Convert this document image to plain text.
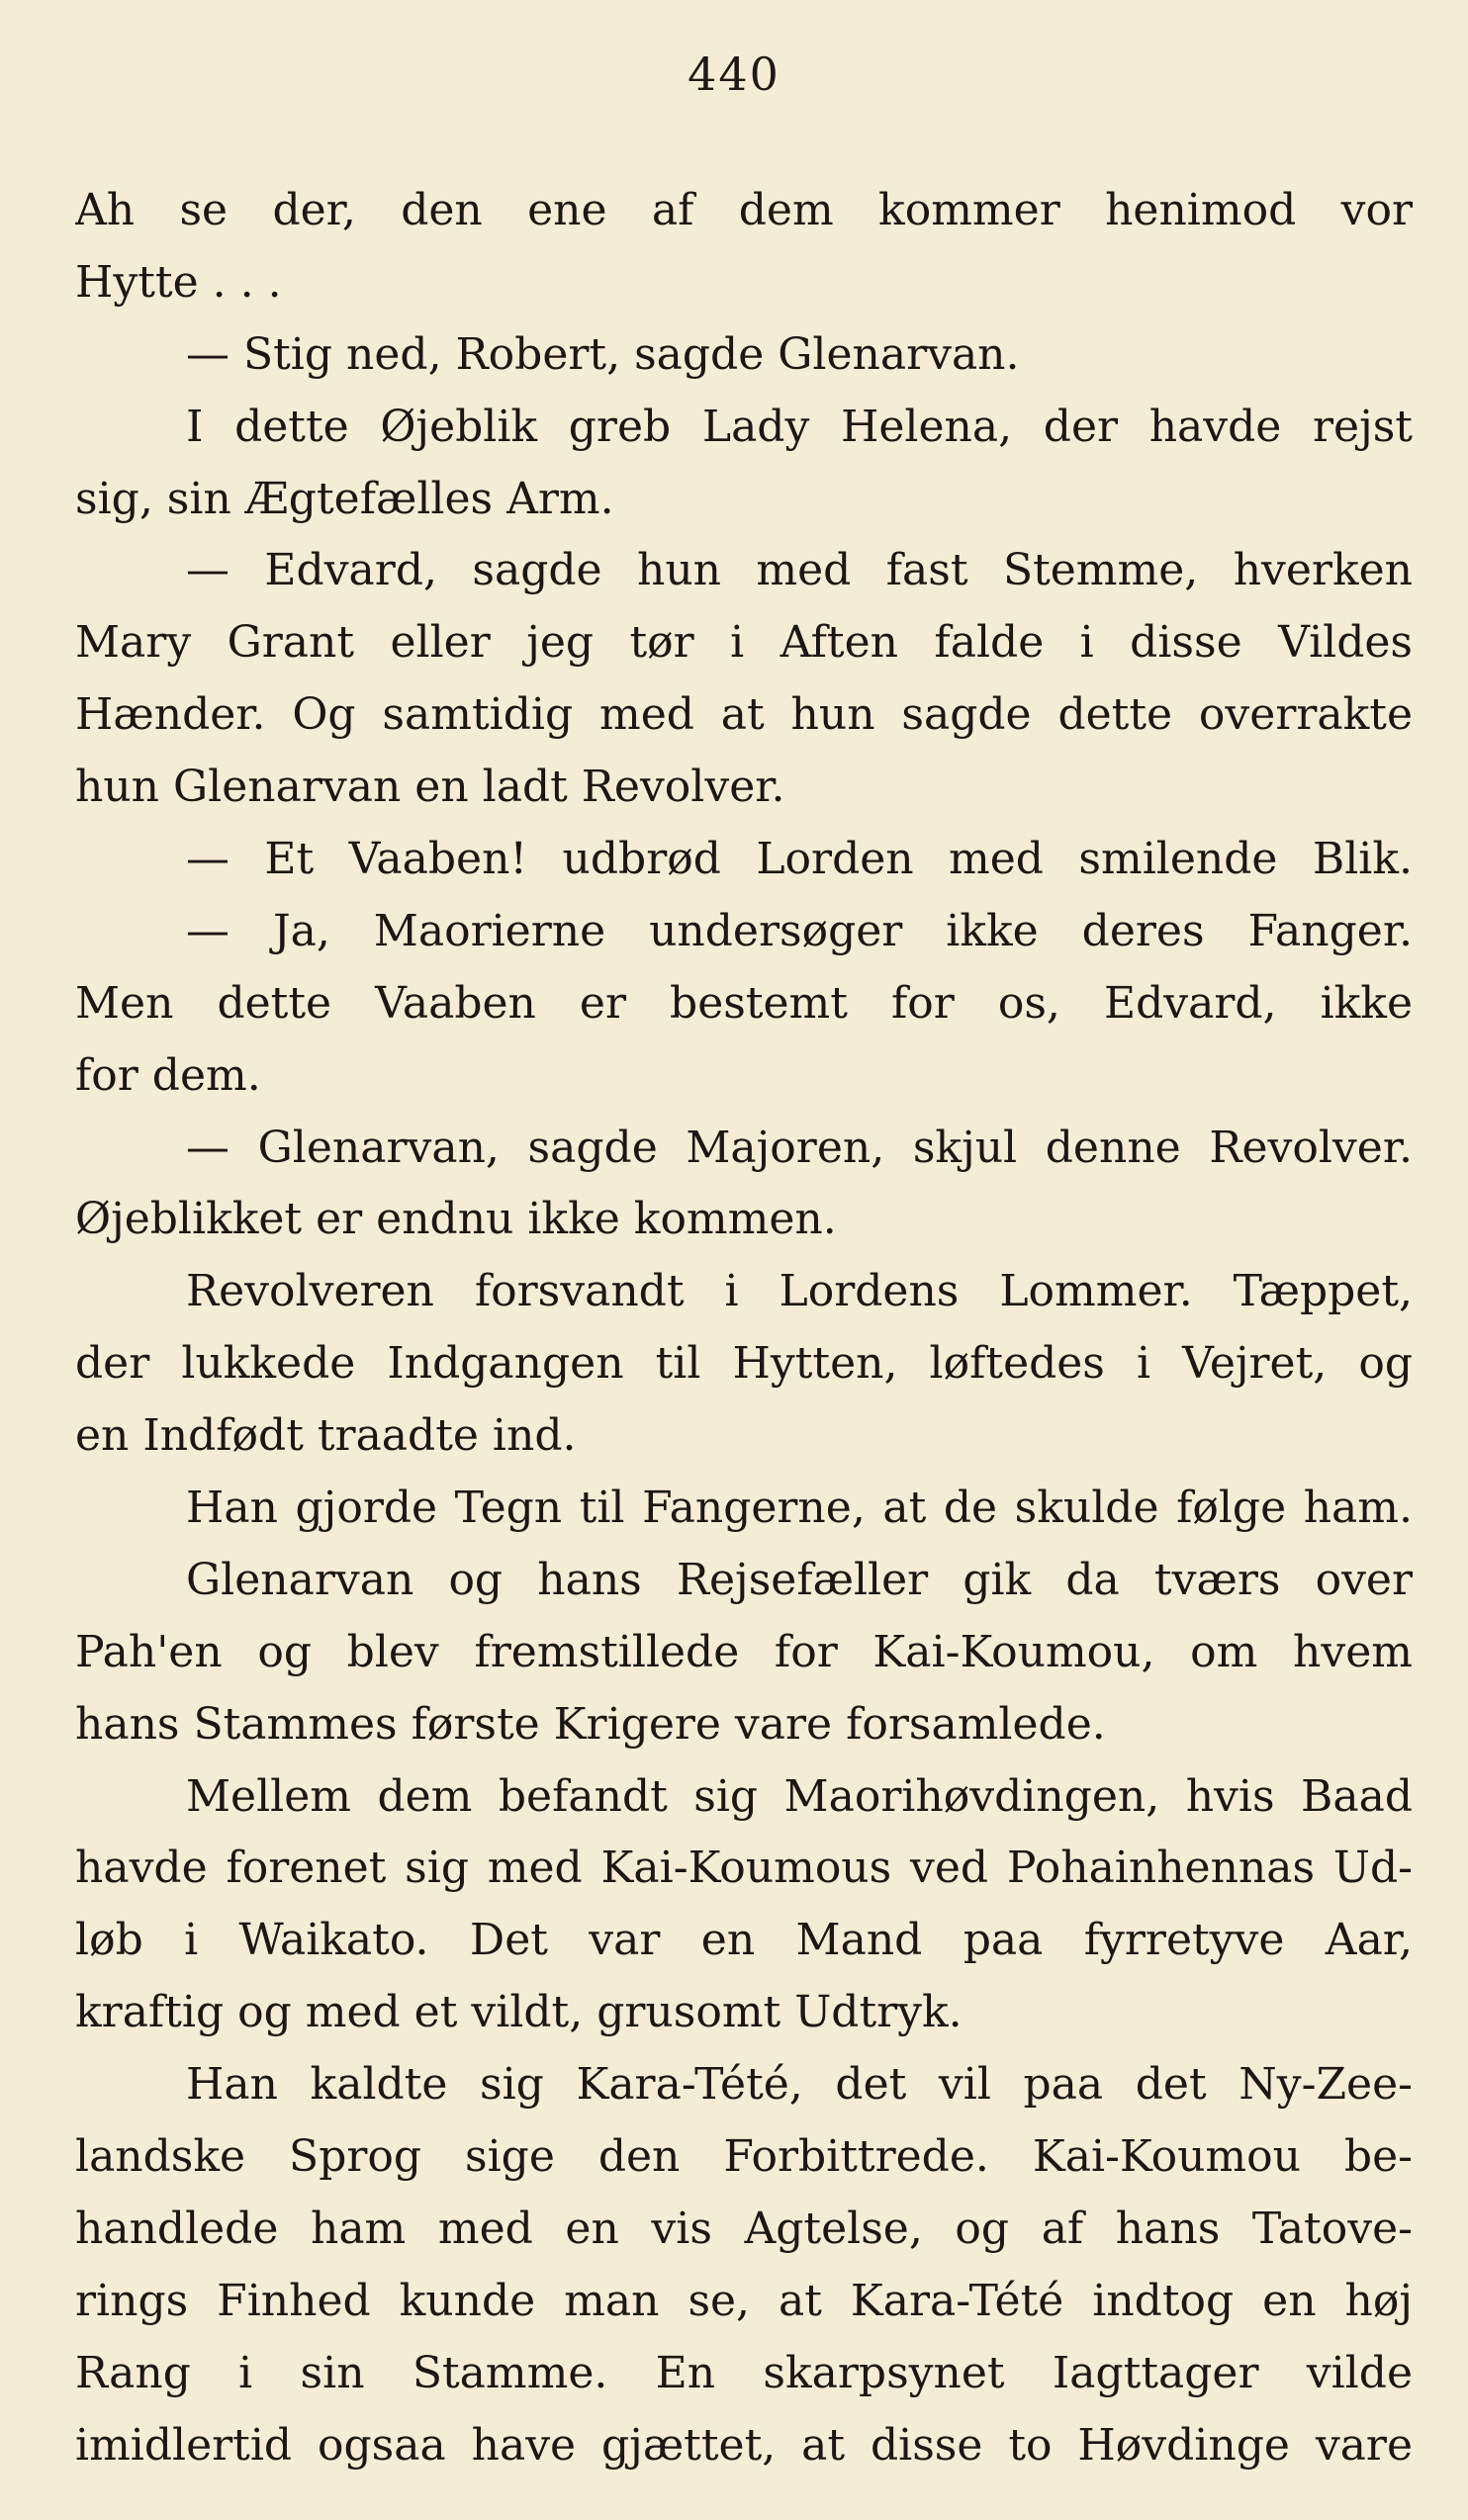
440
Ah se der, den ene af dem kommer henimod vor
Hytte . . .
— Stig ned, Robert, sagde Glenarvan.
I dette Øjeblik greb Lady Helena, der havde rejst
sig, sin Ægtefælles Arm.
— Edvard, sagde hun med fast Stemme, hverken
Mary Grant eller jeg tør i Aften falde i disse Vildes
Hænder. Og samtidig med at hun sagde dette overrakte
hun Glenarvan en ladt Revolver.
— Et Vaaben! udbrød Lorden med smilende Blik.
— Ja, Maorierne undersøger ikke deres Fanger.
Men dette Vaaben er bestemt for os, Edvard, ikke
for dem.
— Glenarvan, sagde Majoren, skjul denne Revolver.
Øjeblikket er endnu ikke kommen.
Revolveren forsvandt i Lordens Lommer. Tæppet,
der lukkede Indgangen til Hytten, løftedes i Vejret, og
en Indfødt traadte ind.
Han gjorde Tegn til Fangerne, at de skulde følge ham.
Glenarvan og hans Rejsefæller gik da tværs over
Pah'en og blev fremstillede for Kai-Koumou, om hvem
hans Stammes første Krigere vare forsamlede.
Mellem dem befandt sig Maorihøvdingen, hvis Baad
havde forenet sig med Kai-Koumous ved Pohainhennas Ud-
løb i Waikato. Det var en Mand paa fyrretyve Aar,
kraftig og med et vildt, grusomt Udtryk.
Han kaldte sig Kara-Tété, det vil paa det Ny-Zee-
landske Sprog sige den Forbittrede. Kai-Koumou be-
handlede ham med en vis Agtelse, og af hans Tatove-
rings Finhed kunde man se, at Kara-Tété indtog en høj
Rang i sin Stamme. En skarpsynet Iagttager vilde
imidlertid ogsaa have gjættet, at disse to Høvdinge vare
